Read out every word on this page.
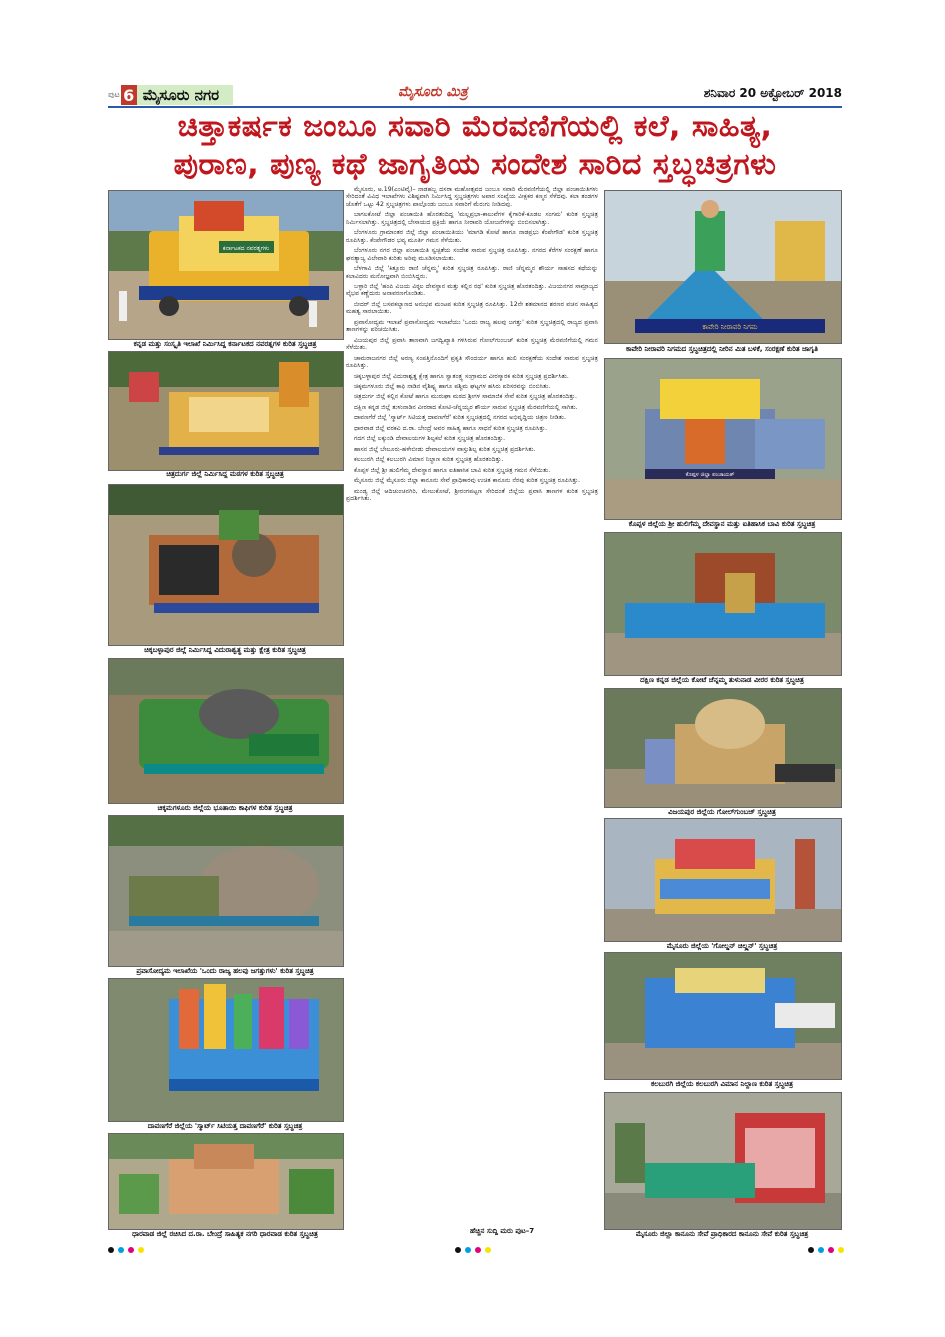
ಪುಟ 6 ಮೈಸೂರು ನಗರ	ಮೈಸೂರು ಮಿತ್ರ	ಶನಿವಾರ 20 ಅಕ್ಟೋಬರ್ 2018
ಚಿತ್ತಾಕರ್ಷಕ ಜಂಬೂ ಸವಾರಿ ಮೆರವಣಿಗೆಯಲ್ಲಿ ಕಲೆ, ಸಾಹಿತ್ಯ,
ಪುರಾಣ, ಪುಣ್ಯ ಕಥೆ ಜಾಗೃತಿಯ ಸಂದೇಶ ಸಾರಿದ ಸ್ತಬ್ಧಚಿತ್ರಗಳು
ಕರ್ನಾಟಕದ ನವರತ್ನಗಳು
ಕನ್ನಡ ಮತ್ತು ಸಂಸ್ಕೃತಿ ಇಲಾಖೆ ನಿರ್ಮಿಸಿದ್ದ ಕರ್ನಾಟಕದ ನವರತ್ನಗಳ ಕುರಿತ ಸ್ತಬ್ಧಚಿತ್ರ
ಚಿತ್ರದುರ್ಗ ಜಿಲ್ಲೆ ನಿರ್ಮಿಸಿದ್ದ ಮಠಗಳ ಕುರಿತ ಸ್ತಬ್ಧಚಿತ್ರ
ಚಿಕ್ಕಬಳ್ಳಾಪುರ ಜಿಲ್ಲೆ ನಿರ್ಮಿಸಿದ್ದ ವಿದುರಾಶ್ವತ್ಥ ಮತ್ತು ಕ್ಷೇತ್ರ ಕುರಿತ ಸ್ತಬ್ಧಚಿತ್ರ
ಚಿಕ್ಕಮಗಳೂರು ಜಿಲ್ಲೆಯ ಭೂತಾಯಿ ಕಾಫಿಗಳ ಕುರಿತ ಸ್ತಬ್ಧಚಿತ್ರ
ಪ್ರವಾಸೋದ್ಯಮ ಇಲಾಖೆಯ 'ಒಂದು ರಾಜ್ಯ ಹಲವು ಜಗತ್ತುಗಳು' ಕುರಿತ ಸ್ತಬ್ಧಚಿತ್ರ
ದಾವಣಗೆರೆ ಜಿಲ್ಲೆಯ 'ಸ್ಮಾರ್ಟ್ ಸಿಟಿಯತ್ತ ದಾವಣಗೆರೆ' ಕುರಿತ ಸ್ತಬ್ಧಚಿತ್ರ
ಧಾರವಾಡ ಜಿಲ್ಲೆ ರಚಿಸಿದ ದ.ರಾ. ಬೇಂದ್ರೆ ಸಾಹಿತ್ಯಕ ನಗರಿ ಧಾರವಾಡ ಕುರಿತ ಸ್ತಬ್ಧಚಿತ್ರ

ಮೈಸೂರು, ಅ.19(ಎಂಟಿವೈ)– ನಾಡಹಬ್ಬ ದಸರಾ ಮಹೋತ್ಸವದ ಜಂಬೂ ಸವಾರಿ ಮೆರವಣಿಗೆಯಲ್ಲಿ ಜಿಲ್ಲಾ ಪಂಚಾಯಿತಿಗಳು ಸೇರಿದಂತೆ ವಿವಿಧ ಇಲಾಖೆಗಳು ವಿಶಿಷ್ಟವಾಗಿ ನಿರ್ಮಿಸಿದ್ದ ಸ್ತಬ್ಧಚಿತ್ರಗಳು ಅಪಾರ ಸಂಖ್ಯೆಯ ವೀಕ್ಷಕರ ಕಣ್ಮನ ಸೆಳೆದವು. ಕಲಾ ತಂಡಗಳ ಜೊತೆಗೆ ಒಟ್ಟು 42 ಸ್ತಬ್ಧಚಿತ್ರಗಳು ಪಾಲ್ಗೊಂಡು ಜಂಬೂ ಸವಾರಿಗೆ ಮೆರುಗು ನೀಡಿದವು.

ಬಾಗಲಕೋಟೆ ಜಿಲ್ಲಾ ಪಂಚಾಯಿತಿ ಹೊರತಂದಿದ್ದ 'ಮಲ್ಲಪ್ರಭಾ-ಕಾಲುವೆಗಳ ಕೈಗಾರಿಕೆ-ಕೂಡಲ ಸಂಗಮ' ಕುರಿತ ಸ್ತಬ್ಧಚಿತ್ರ ನಿರ್ಮಿಸಲಾಗಿತ್ತು. ಸ್ತಬ್ಧಚಿತ್ರದಲ್ಲಿ ಬೇಸಾಯದ ಪ್ರಕ್ರಿಯೆ ಹಾಗೂ ನೀರಾವರಿ ಯೋಜನೆಗಳನ್ನು ಬಿಂಬಿಸಲಾಗಿತ್ತು.

ಬೆಂಗಳೂರು ಗ್ರಾಮಾಂತರ ಜಿಲ್ಲೆ ಜಿಲ್ಲಾ ಪಂಚಾಯಿತಿಯು 'ಮಾಗಡಿ ಕೋಟೆ ಹಾಗೂ ನಾಡಪ್ರಭು ಕೆಂಪೇಗೌಡ' ಕುರಿತ ಸ್ತಬ್ಧಚಿತ್ರ ರೂಪಿಸಿತ್ತು. ಕೆಂಪೇಗೌಡರ ಭವ್ಯ ಮೂರ್ತಿ ಗಮನ ಸೆಳೆಯಿತು.

ಬೆಂಗಳೂರು ನಗರ ಜಿಲ್ಲಾ ಪಂಚಾಯಿತಿ ಸ್ವಚ್ಛತೆಯ ಸಂದೇಶ ಸಾರುವ ಸ್ತಬ್ಧಚಿತ್ರ ರೂಪಿಸಿತ್ತು. ನಗರದ ಕೆರೆಗಳ ಸಂರಕ್ಷಣೆ ಹಾಗೂ ಘನತ್ಯಾಜ್ಯ ವಿಲೇವಾರಿ ಕುರಿತು ಅರಿವು ಮೂಡಿಸಲಾಯಿತು.

ಬೆಳಗಾವಿ ಜಿಲ್ಲೆ 'ಕಿತ್ತೂರು ರಾಣಿ ಚೆನ್ನಮ್ಮ' ಕುರಿತ ಸ್ತಬ್ಧಚಿತ್ರ ರೂಪಿಸಿತ್ತು. ರಾಣಿ ಚೆನ್ನಮ್ಮನ ಶೌರ್ಯ ಸಾಹಸದ ಕಥೆಯನ್ನು ಕಲಾವಿದರು ಮನೋಜ್ಞವಾಗಿ ಬಿಂಬಿಸಿದ್ದರು.

ಬಳ್ಳಾರಿ ಜಿಲ್ಲೆ 'ಹಂಪಿ ವಿಜಯ ವಿಠ್ಠಲ ದೇವಸ್ಥಾನ ಮತ್ತು ಕಲ್ಲಿನ ರಥ' ಕುರಿತ ಸ್ತಬ್ಧಚಿತ್ರ ಹೊರತಂದಿತ್ತು. ವಿಜಯನಗರ ಸಾಮ್ರಾಜ್ಯದ ವೈಭವ ಕಣ್ಣೆದುರು ಅನಾವರಣಗೊಂಡಿತು.

ಬೀದರ್ ಜಿಲ್ಲೆ ಬಸವಕಲ್ಯಾಣದ ಅನುಭವ ಮಂಟಪ ಕುರಿತ ಸ್ತಬ್ಧಚಿತ್ರ ರೂಪಿಸಿತ್ತು. 12ನೇ ಶತಮಾನದ ಶರಣರ ವಚನ ಸಾಹಿತ್ಯದ ಮಹತ್ವ ಸಾರಲಾಯಿತು.

ಪ್ರವಾಸೋದ್ಯಮ ಇಲಾಖೆ ಪ್ರವಾಸೋದ್ಯಮ ಇಲಾಖೆಯು 'ಒಂದು ರಾಜ್ಯ ಹಲವು ಜಗತ್ತು' ಕುರಿತ ಸ್ತಬ್ಧಚಿತ್ರದಲ್ಲಿ ರಾಜ್ಯದ ಪ್ರವಾಸಿ ತಾಣಗಳನ್ನು ಪರಿಚಯಿಸಿತು.

ವಿಜಯಪುರ ಜಿಲ್ಲೆ ಪ್ರವಾಸಿ ತಾಣವಾಗಿ ಜಗದ್ವಿಖ್ಯಾತಿ ಗಳಿಸಿರುವ ಗೋಲ್‌ಗುಂಬಜ್ ಕುರಿತ ಸ್ತಬ್ಧಚಿತ್ರ ಮೆರವಣಿಗೆಯಲ್ಲಿ ಗಮನ ಸೆಳೆಯಿತು.

ಚಾಮರಾಜನಗರ ಜಿಲ್ಲೆ ಅರಣ್ಯ ಸಂಪತ್ತಿನೊಂದಿಗೆ ಪ್ರಕೃತಿ ಸೌಂದರ್ಯ ಹಾಗೂ ಹುಲಿ ಸಂರಕ್ಷಣೆಯ ಸಂದೇಶ ಸಾರುವ ಸ್ತಬ್ಧಚಿತ್ರ ರೂಪಿಸಿತ್ತು.

ಚಿಕ್ಕಬಳ್ಳಾಪುರ ಜಿಲ್ಲೆ ವಿದುರಾಶ್ವತ್ಥ ಕ್ಷೇತ್ರ ಹಾಗೂ ಸ್ವಾತಂತ್ರ್ಯ ಸಂಗ್ರಾಮದ ವೀರಸ್ಮಾರಕ ಕುರಿತ ಸ್ತಬ್ಧಚಿತ್ರ ಪ್ರದರ್ಶಿಸಿತು.

ಚಿಕ್ಕಮಗಳೂರು ಜಿಲ್ಲೆ ಕಾಫಿ ನಾಡಿನ ವೈಶಿಷ್ಟ್ಯ ಹಾಗೂ ಪಶ್ಚಿಮ ಘಟ್ಟಗಳ ಹಸಿರು ಪರಿಸರವನ್ನು ಬಿಂಬಿಸಿತು.

ಚಿತ್ರದುರ್ಗ ಜಿಲ್ಲೆ ಕಲ್ಲಿನ ಕೋಟೆ ಹಾಗೂ ಮುರುಘಾ ಮಠದ ಶ್ರೀಗಳ ಸಾಮಾಜಿಕ ಸೇವೆ ಕುರಿತ ಸ್ತಬ್ಧಚಿತ್ರ ಹೊರತಂದಿತ್ತು.

ದಕ್ಷಿಣ ಕನ್ನಡ ಜಿಲ್ಲೆ ತುಳುನಾಡಿನ ವೀರರಾದ ಕೋಟಿ-ಚೆನ್ನಯ್ಯರ ಶೌರ್ಯ ಸಾರುವ ಸ್ತಬ್ಧಚಿತ್ರ ಮೆರವಣಿಗೆಯಲ್ಲಿ ಸಾಗಿತು.

ದಾವಣಗೆರೆ ಜಿಲ್ಲೆ 'ಸ್ಮಾರ್ಟ್ ಸಿಟಿಯತ್ತ ದಾವಣಗೆರೆ' ಕುರಿತ ಸ್ತಬ್ಧಚಿತ್ರದಲ್ಲಿ ನಗರದ ಅಭಿವೃದ್ಧಿಯ ಚಿತ್ರಣ ನೀಡಿತು.

ಧಾರವಾಡ ಜಿಲ್ಲೆ ವರಕವಿ ದ.ರಾ. ಬೇಂದ್ರೆ ಅವರ ಸಾಹಿತ್ಯ ಹಾಗೂ ಸಾಧನೆ ಕುರಿತ ಸ್ತಬ್ಧಚಿತ್ರ ರೂಪಿಸಿತ್ತು.

ಗದಗ ಜಿಲ್ಲೆ ಲಕ್ಕುಂಡಿ ದೇವಾಲಯಗಳ ಶಿಲ್ಪಕಲೆ ಕುರಿತ ಸ್ತಬ್ಧಚಿತ್ರ ಹೊರತಂದಿತ್ತು.

ಹಾಸನ ಜಿಲ್ಲೆ ಬೇಲೂರು-ಹಳೇಬೀಡು ದೇವಾಲಯಗಳ ವಾಸ್ತುಶಿಲ್ಪ ಕುರಿತ ಸ್ತಬ್ಧಚಿತ್ರ ಪ್ರದರ್ಶಿಸಿತು.

ಕಲಬುರಗಿ ಜಿಲ್ಲೆ ಕಲಬುರಗಿ ವಿಮಾನ ನಿಲ್ದಾಣ ಕುರಿತ ಸ್ತಬ್ಧಚಿತ್ರ ಹೊರತಂದಿತ್ತು.

ಕೊಪ್ಪಳ ಜಿಲ್ಲೆ ಶ್ರೀ ಹುಲಿಗೆಮ್ಮ ದೇವಸ್ಥಾನ ಹಾಗೂ ಐತಿಹಾಸಿಕ ಬಾವಿ ಕುರಿತ ಸ್ತಬ್ಧಚಿತ್ರ ಗಮನ ಸೆಳೆಯಿತು.

ಮೈಸೂರು ಜಿಲ್ಲೆ ಮೈಸೂರು ಜಿಲ್ಲಾ ಕಾನೂನು ಸೇವೆ ಪ್ರಾಧಿಕಾರವು ಉಚಿತ ಕಾನೂನು ನೆರವು ಕುರಿತ ಸ್ತಬ್ಧಚಿತ್ರ ರೂಪಿಸಿತ್ತು.

ಮಂಡ್ಯ ಜಿಲ್ಲೆ ಆದಿಚುಂಚನಗಿರಿ, ಮೇಲುಕೋಟೆ, ಶ್ರೀರಂಗಪಟ್ಟಣ ಸೇರಿದಂತೆ ಜಿಲ್ಲೆಯ ಪ್ರವಾಸಿ ತಾಣಗಳ ಕುರಿತ ಸ್ತಬ್ಧಚಿತ್ರ ಪ್ರದರ್ಶಿಸಿತು.

ಕಾವೇರಿ ನೀರಾವರಿ ನಿಗಮ
ಕಾವೇರಿ ನೀರಾವರಿ ನಿಗಮದ ಸ್ತಬ್ಧಚಿತ್ರದಲ್ಲಿ ನೀರಿನ ಮಿತ ಬಳಕೆ, ಸಂರಕ್ಷಣೆ ಕುರಿತ ಜಾಗೃತಿ
ಕೊಪ್ಪಳ ಜಿಲ್ಲಾ ಪಂಚಾಯತ್
ಕೊಪ್ಪಳ ಜಿಲ್ಲೆಯ ಶ್ರೀ ಹುಲಿಗೆಮ್ಮ ದೇವಸ್ಥಾನ ಮತ್ತು ಐತಿಹಾಸಿಕ ಬಾವಿ ಕುರಿತ ಸ್ತಬ್ಧಚಿತ್ರ
ದಕ್ಷಿಣ ಕನ್ನಡ ಜಿಲ್ಲೆಯ ಕೋಟೆ ಚೆನ್ನಮ್ಮ ತುಳುನಾಡ ವೀರರ ಕುರಿತ ಸ್ತಬ್ಧಚಿತ್ರ
ವಿಜಯಪುರ ಜಿಲ್ಲೆಯ ಗೋಲ್‌ಗುಂಬಜ್ ಸ್ತಬ್ಧಚಿತ್ರ
ಮೈಸೂರು ಜಿಲ್ಲೆಯ 'ಗೋಲ್ಡನ್ ಚಿಲ್ಡ್ರನ್' ಸ್ತಬ್ಧಚಿತ್ರ
ಕಲಬುರಗಿ ಜಿಲ್ಲೆಯ ಕಲಬುರಗಿ ವಿಮಾನ ನಿಲ್ದಾಣ ಕುರಿತ ಸ್ತಬ್ಧಚಿತ್ರ
ಮೈಸೂರು ಜಿಲ್ಲಾ ಕಾನೂನು ಸೇವೆ ಪ್ರಾಧಿಕಾರದ ಕಾನೂನು ಸೇವೆ ಕುರಿತ ಸ್ತಬ್ಧಚಿತ್ರ
ಹೆಚ್ಚಿನ ಸುದ್ದಿ ಮರು ಪುಟ–7
